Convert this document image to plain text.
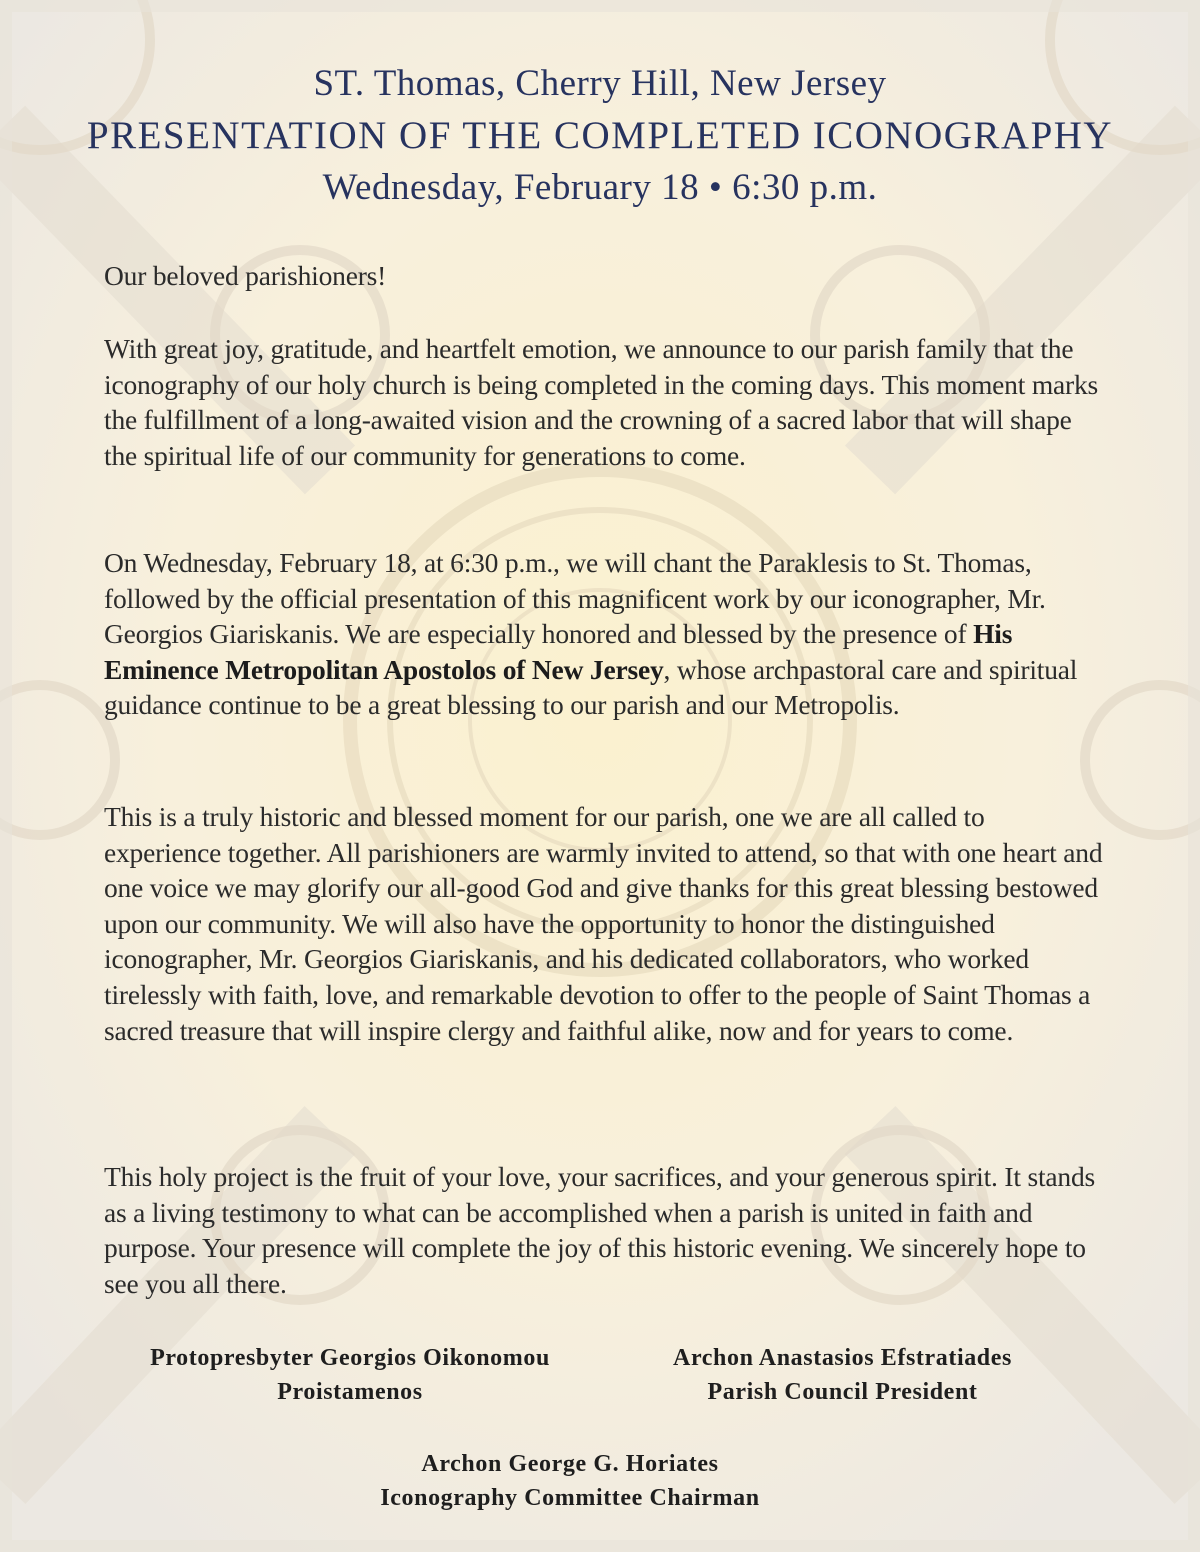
ST. Thomas, Cherry Hill, New Jersey
PRESENTATION OF THE COMPLETED ICONOGRAPHY
Wednesday, February 18 • 6:30 p.m.
Our beloved parishioners!
With great joy, gratitude, and heartfelt emotion, we announce to our parish family that the iconography of our holy church is being completed in the coming days. This moment marks the fulfillment of a long-awaited vision and the crowning of a sacred labor that will shape the spiritual life of our community for generations to come.
On Wednesday, February 18, at 6:30 p.m., we will chant the Paraklesis to St. Thomas, followed by the official presentation of this magnificent work by our iconographer, Mr. Georgios Giariskanis. We are especially honored and blessed by the presence of His Eminence Metropolitan Apostolos of New Jersey, whose archpastoral care and spiritual guidance continue to be a great blessing to our parish and our Metropolis.
This is a truly historic and blessed moment for our parish, one we are all called to experience together. All parishioners are warmly invited to attend, so that with one heart and one voice we may glorify our all-good God and give thanks for this great blessing bestowed upon our community. We will also have the opportunity to honor the distinguished iconographer, Mr. Georgios Giariskanis, and his dedicated collaborators, who worked tirelessly with faith, love, and remarkable devotion to offer to the people of Saint Thomas a sacred treasure that will inspire clergy and faithful alike, now and for years to come.
This holy project is the fruit of your love, your sacrifices, and your generous spirit. It stands as a living testimony to what can be accomplished when a parish is united in faith and purpose. Your presence will complete the joy of this historic evening. We sincerely hope to see you all there.
Protopresbyter Georgios Oikonomou
Proistamenos
Archon Anastasios Efstratiades
Parish Council President
Archon George G. Horiates
Iconography Committee Chairman
